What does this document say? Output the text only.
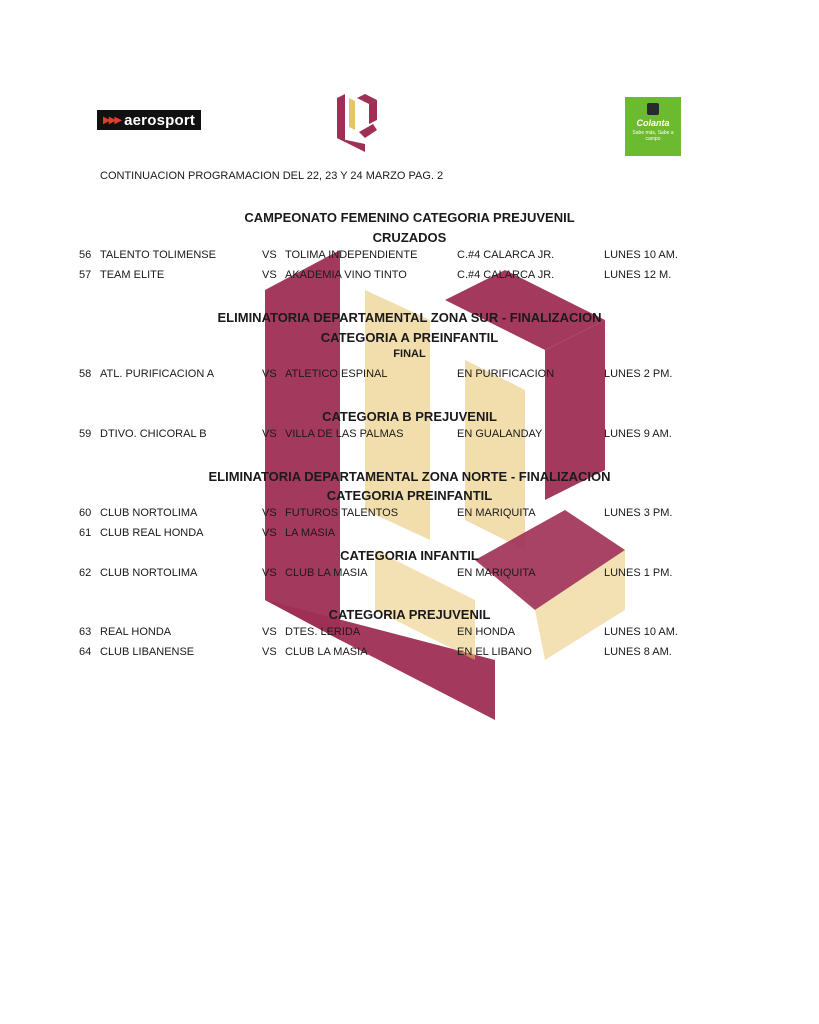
▶▶▶ aerosport	Colanta
Sabe más, Sabe a campo
CONTINUACION PROGRAMACION DEL 22, 23 Y 24 MARZO PAG. 2
CAMPEONATO FEMENINO CATEGORIA PREJUVENIL
CRUZADOS
56 TALENTO TOLIMENSE	VS TOLIMA INDEPENDIENTE	C.#4 CALARCA JR.	LUNES 10 AM.
57 TEAM ELITE	VS AKADEMIA VINO TINTO	C.#4 CALARCA JR.	LUNES 12 M.
ELIMINATORIA DEPARTAMENTAL ZONA SUR - FINALIZACION
CATEGORIA A PREINFANTIL
FINAL
58 ATL. PURIFICACION A	VS ATLETICO ESPINAL	EN PURIFICACION	LUNES 2 PM.
CATEGORIA B PREJUVENIL
59 DTIVO. CHICORAL B	VS VILLA DE LAS PALMAS	EN GUALANDAY	LUNES 9 AM.
ELIMINATORIA DEPARTAMENTAL ZONA NORTE - FINALIZACION
CATEGORIA PREINFANTIL
60 CLUB NORTOLIMA	VS FUTUROS TALENTOS	EN MARIQUITA	LUNES 3 PM.
61 CLUB REAL HONDA	VS LA MASIA
CATEGORIA INFANTIL
62 CLUB NORTOLIMA	VS CLUB LA MASIA	EN MARIQUITA	LUNES 1 PM.
CATEGORIA PREJUVENIL
63 REAL HONDA	VS DTES. LERIDA	EN HONDA	LUNES 10 AM.
64 CLUB LIBANENSE	VS CLUB LA MASIA	EN EL LIBANO	LUNES 8 AM.
